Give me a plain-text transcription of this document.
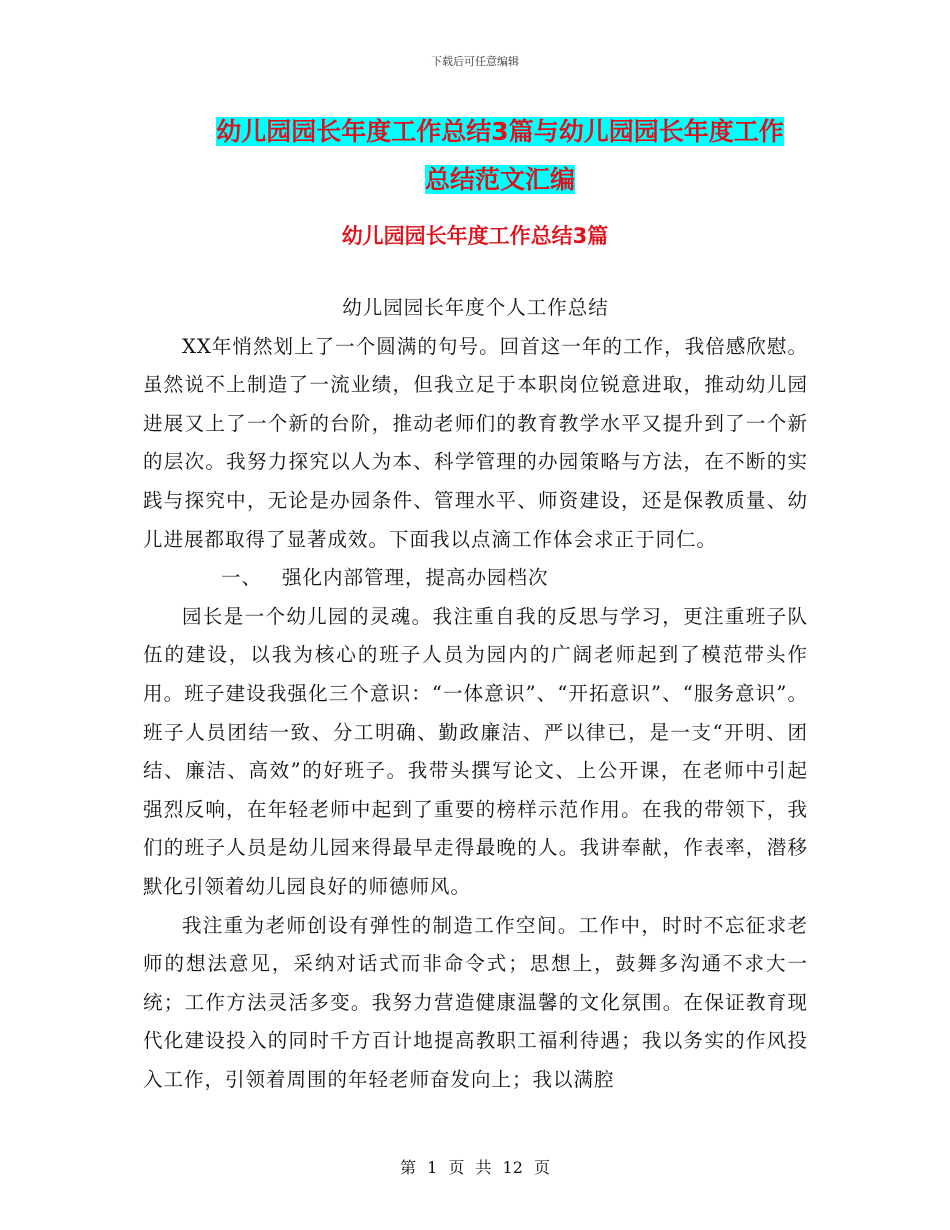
下载后可任意编辑
幼儿园园长年度工作总结3篇与幼儿园园长年度工作
总结范文汇编
幼儿园园长年度工作总结3篇

幼儿园园长年度个人工作总结

XX年悄然划上了一个圆满的句号。回首这一年的工作，我倍感欣慰。虽然说不上制造了一流业绩，但我立足于本职岗位锐意进取，推动幼儿园进展又上了一个新的台阶，推动老师们的教育教学水平又提升到了一个新的层次。我努力探究以人为本、科学管理的办园策略与方法，在不断的实践与探究中，无论是办园条件、管理水平、师资建设，还是保教质量、幼儿进展都取得了显著成效。下面我以点滴工作体会求正于同仁。

一、 强化内部管理，提高办园档次

园长是一个幼儿园的灵魂。我注重自我的反思与学习，更注重班子队伍的建设，以我为核心的班子人员为园内的广阔老师起到了模范带头作用。班子建设我强化三个意识：“一体意识”、“开拓意识”、“服务意识”。班子人员团结一致、分工明确、勤政廉洁、严以律已，是一支“开明、团结、廉洁、高效”的好班子。我带头撰写论文、上公开课，在老师中引起强烈反响，在年轻老师中起到了重要的榜样示范作用。在我的带领下，我们的班子人员是幼儿园来得最早走得最晚的人。我讲奉献，作表率，潜移默化引领着幼儿园良好的师德师风。

我注重为老师创设有弹性的制造工作空间。工作中，时时不忘征求老师的想法意见，采纳对话式而非命令式；思想上，鼓舞多沟通不求大一统；工作方法灵活多变。我努力营造健康温馨的文化氛围。在保证教育现代化建设投入的同时千方百计地提高教职工福利待遇；我以务实的作风投入工作，引领着周围的年轻老师奋发向上；我以满腔

第 1 页 共 12 页
